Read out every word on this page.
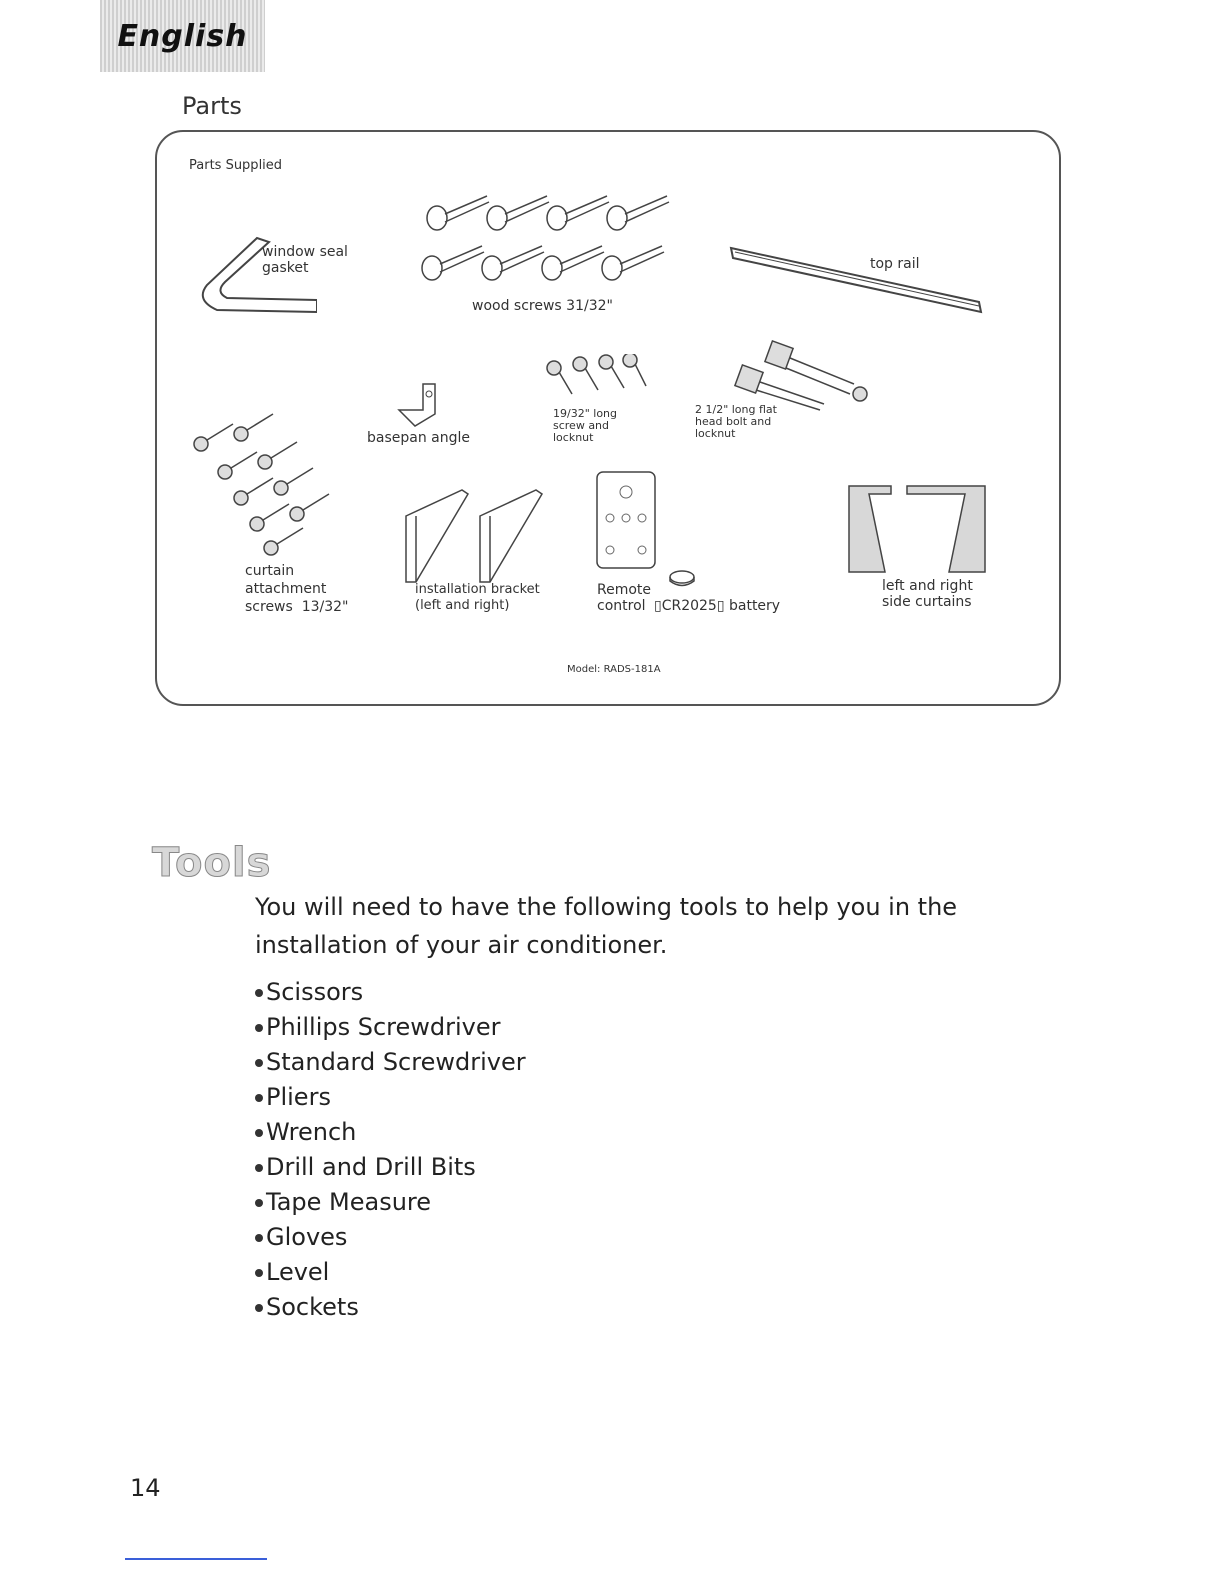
English
Parts
Parts Supplied
window seal
gasket
wood screws 31/32"
top rail
basepan angle
19/32" long
screw and
locknut
2 1/2" long flat
head bolt and
locknut
curtain
attachment
screws  13/32"
installation bracket
(left and right)
Remote
control ▯CR2025▯ battery
left and right
side curtains
Model: RADS-181A
Tools
You will need to have the following tools to help you in the installation of your air conditioner.
Scissors
Phillips Screwdriver
Standard Screwdriver
Pliers
Wrench
Drill and Drill Bits
Tape Measure
Gloves
Level
Sockets
14
